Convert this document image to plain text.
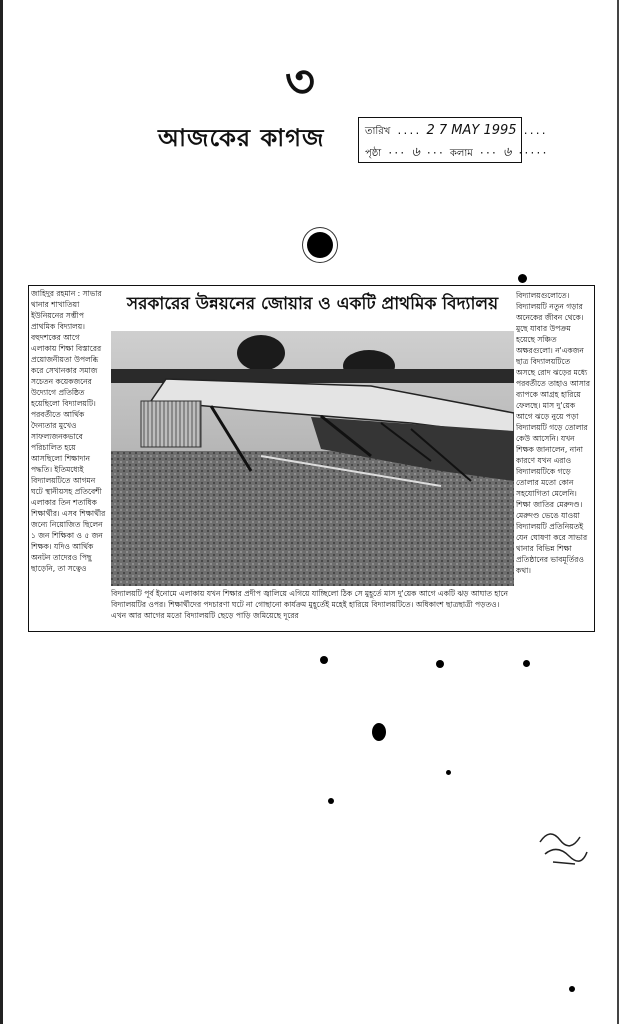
৩
আজকের কাগজ	তারিখ .... 2 7 MAY 1995 ....
পৃষ্ঠা ··· ৬ ··· কলাম ··· ৬ ·····
জাহিদুর রহমান : সাভার থানার শাখাতিয়া ইউনিয়নের সম্ভীপ প্রাথমিক বিদ্যালয়। বহুদশকের আগে এলাকায় শিক্ষা বিস্তারের প্রয়োজনীয়তা উপলব্ধি করে সেখানকার সমাজ সচেতন কয়েকজনের উদ্যোগে প্রতিষ্ঠিত হয়েছিলো বিদ্যালয়টি। পরবর্তীতে আর্থিক দৈন্যতার মুখেও সাফল্যজনকভাবে পরিচালিত হয়ে আসছিলো শিক্ষাদান পদ্ধতি। ইতিমধ্যেই বিদ্যালয়টিতে আগমন ঘটে স্থানীয়সহ প্রতিবেশী এলাকার তিন শতাধিক শিক্ষার্থীর। এসব শিক্ষার্থীর জন্যে নিয়োজিত ছিলেন ১ জন শিক্ষিকা ও ৫ জন শিক্ষক। যদিও আর্থিক অনটন তাদেরও পিছু ছাড়েনি, তা সত্বেও
সরকারের উন্নয়নের জোয়ার ও একটি প্রাথমিক বিদ্যালয়
বিদ্যালয়টি পূর্ব ইনোমে এলাকায় যখন শিক্ষার প্রদীপ জ্বালিয়ে এগিয়ে যাচ্ছিলো ঠিক সে মুহূর্তে মাস দু'য়েক আগে একটি ঝড় আঘাত হানে বিদ্যালয়টির ওপর। শিক্ষার্থীদের পদচারণা ঘটে না গোছানো কার্যক্রম মুহূর্তেই মহেই হারিয়ে বিদ্যালয়টিতে। অধিকাংশ ছাত্রছাত্রী পড়তও। এখন আর আগের মতো বিদ্যালয়টি ছেড়ে পাড়ি জমিয়েছে দূরের
বিদ্যালয়গুলোতে। বিদ্যালয়টি নতুন গড়ার অনেকের জীবন থেকে। মুছে যাবার উপক্রম হয়েছে সঞ্চিত অক্ষরগুলো। ন'একজন ছাত্র বিদ্যালয়টিতে অসছে রোদ ঝড়ের মধ্যে পরবর্তীতে তাহাও আসার ব্যাপকে আগ্রহ হারিয়ে ফেলছে। মাস দু'য়েক আগে ঝড়ে নুয়ে পড়া বিদ্যালয়টি গড়ে তোলার কেউ আসেনি। যখন শিক্ষক জানালেন, নানা কারণে যখন এরাও বিদ্যালয়টিকে গড়ে তোলার মতো কোন সহযোগিতা মেলেনি। শিক্ষা জাতির মেরুদণ্ড। মেরুদণ্ড ভেঙে যাওয়া বিদ্যালয়টি প্রতিনিয়তই যেন ঘোষণা করে সাভার থানার বিভিন্ন শিক্ষা প্রতিষ্ঠানের ভাবমূর্তিরও কথা।
